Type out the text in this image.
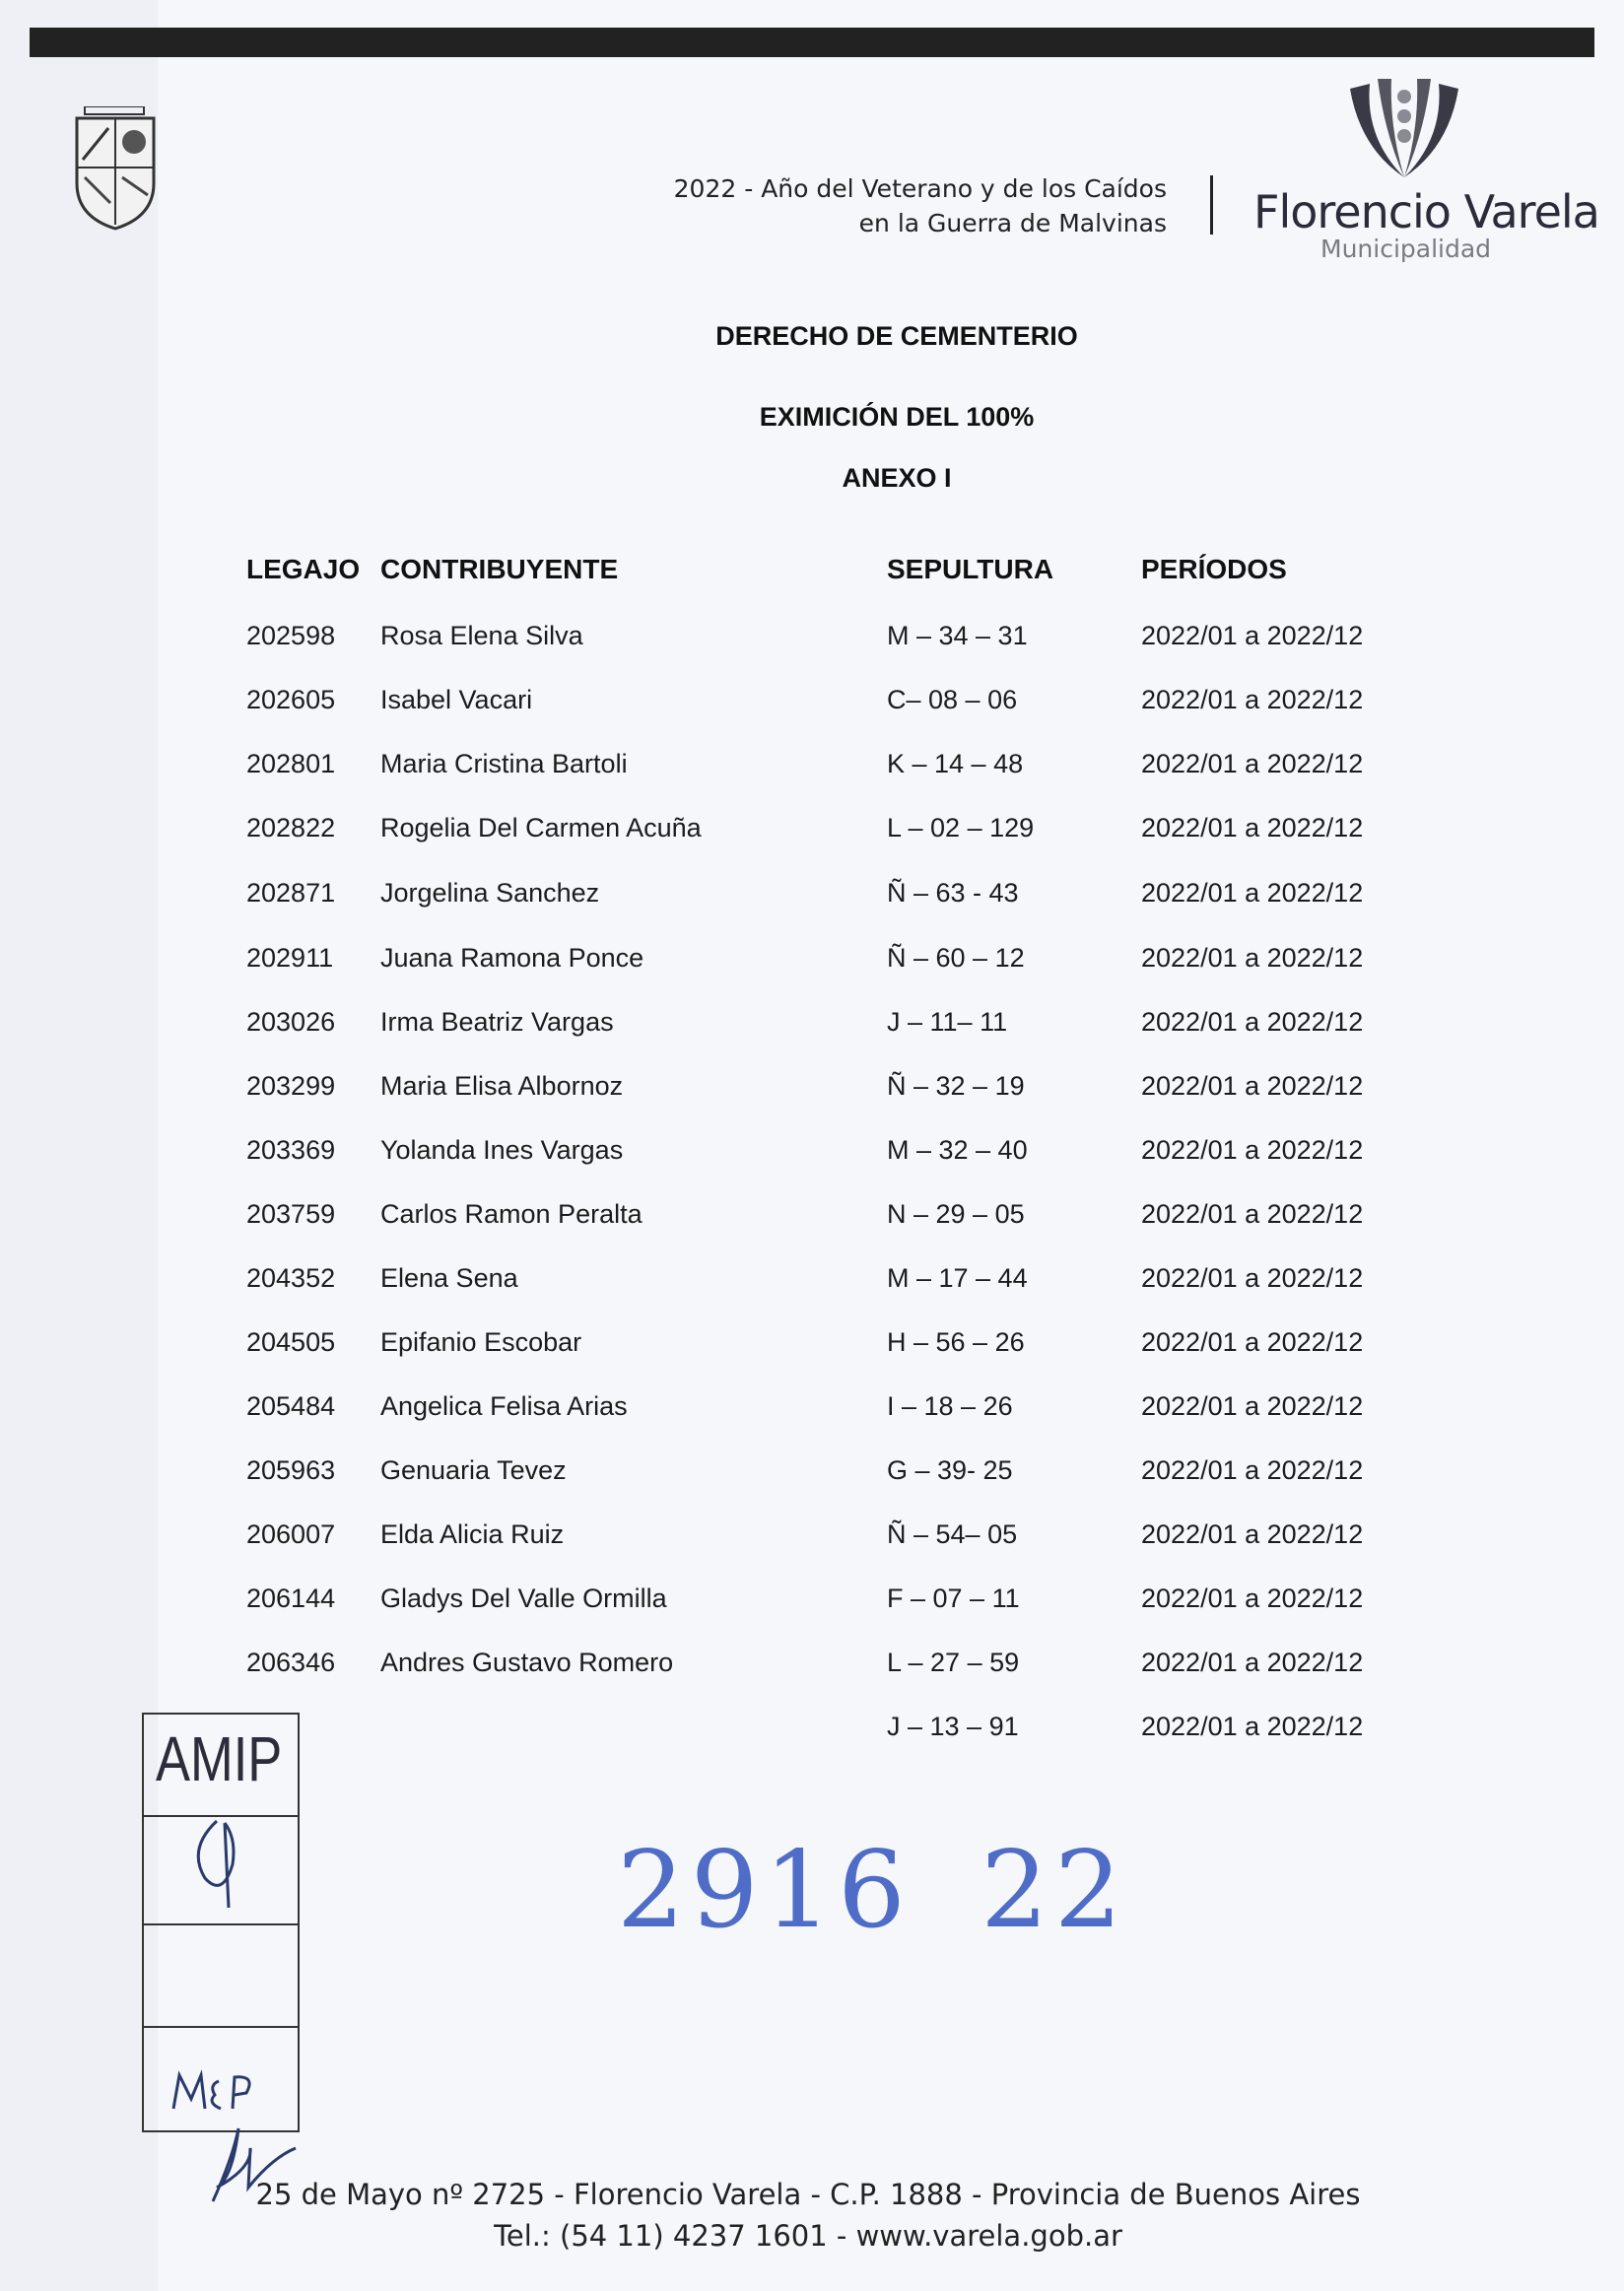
2022 - Año del Veterano y de los Caídos
en la Guerra de Malvinas Florencio Varela
Municipalidad
DERECHO DE CEMENTERIO
EXIMICIÓN DEL 100%
ANEXO I
LEGAJO CONTRIBUYENTE	SEPULTURA	PERÍODOS
202598 Rosa Elena Silva	M – 34 – 31	2022/01 a 2022/12
202605 Isabel Vacari	C– 08 – 06	2022/01 a 2022/12
202801 Maria Cristina Bartoli	K – 14 – 48	2022/01 a 2022/12
202822 Rogelia Del Carmen Acuña	L – 02 – 129	2022/01 a 2022/12
202871 Jorgelina Sanchez	Ñ – 63 - 43	2022/01 a 2022/12
202911 Juana Ramona Ponce	Ñ – 60 – 12	2022/01 a 2022/12
203026 Irma Beatriz Vargas	J – 11– 11	2022/01 a 2022/12
203299 Maria Elisa Albornoz	Ñ – 32 – 19	2022/01 a 2022/12
203369 Yolanda Ines Vargas	M – 32 – 40	2022/01 a 2022/12
203759 Carlos Ramon Peralta	N – 29 – 05	2022/01 a 2022/12
204352 Elena Sena	M – 17 – 44	2022/01 a 2022/12
204505 Epifanio Escobar	H – 56 – 26	2022/01 a 2022/12
205484 Angelica Felisa Arias	I – 18 – 26	2022/01 a 2022/12
205963 Genuaria Tevez	G – 39- 25	2022/01 a 2022/12
206007 Elda Alicia Ruiz	Ñ – 54– 05	2022/01 a 2022/12
206144 Gladys Del Valle Ormilla	F – 07 – 11	2022/01 a 2022/12
206346 Andres Gustavo Romero	L – 27 – 59	2022/01 a 2022/12
J – 13 – 91	2022/01 a 2022/12
AMIP
2916 22
25 de Mayo nº 2725 - Florencio Varela - C.P. 1888 - Provincia de Buenos Aires
Tel.: (54 11) 4237 1601 - www.varela.gob.ar
